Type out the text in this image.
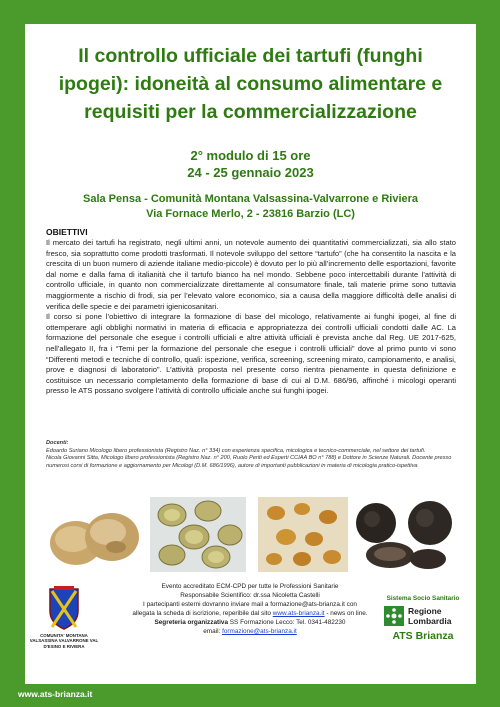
Il controllo ufficiale dei tartufi (funghi
ipogei): idoneità al consumo alimentare e
requisiti per la commercializzazione
2° modulo di 15 ore
24 - 25 gennaio 2023
Sala Pensa - Comunità Montana Valsassina-Valvarrone e Riviera
Via Fornace Merlo, 2 - 23816 Barzio (LC)
OBIETTIVI

Il mercato dei tartufi ha registrato, negli ultimi anni, un notevole aumento dei quantitativi commercializzati, sia allo stato fresco, sia soprattutto come prodotti trasformati. Il notevole sviluppo del settore “tartufo” (che ha consentito la nascita e la crescita di un buon numero di aziende italiane medio-piccole) è dovuto per lo più all’incremento delle esportazioni, favorite dal nome e dalla fama di italianità che il tartufo bianco ha nel mondo. Sebbene poco intercettabili durante l’attività di controllo ufficiale, in quanto non commercializzate direttamente al consumatore finale, tali materie prime sono tuttavia maggiormente a rischio di frodi, sia per l’elevato valore economico, sia a causa della maggiore difficoltà delle analisi di verifica delle specie e dei parametri igienicosanitari.

Il corso si pone l’obiettivo di integrare la formazione di base del micologo, relativamente ai funghi ipogei, al fine di ottemperare agli obblighi normativi in materia di efficacia e appropriatezza dei controlli ufficiali condotti dalle AC. La formazione del personale che esegue i controlli ufficiali e altre attività ufficiali è prevista anche dal Reg. UE 2017-625, nell’allegato II, fra i “Temi per la formazione del personale che esegue i controlli ufficiali” dove al primo punto vi sono “Differenti metodi e tecniche di controllo, quali: ispezione, verifica, screening, screening mirato, campionamento, e analisi, prove e diagnosi di laboratorio”. L’attività proposta nel presente corso rientra pienamente in questa definizione e costituisce un necessario completamento della formazione di base di cui al D.M. 686/96, affinché i micologi operanti presso le ATS possano svolgere l’attività di controllo ufficiale anche sui funghi ipogei.

Docenti:
Edoardo Suriano Micologo libero professionista (Registro Naz. n° 334) con esperienza specifica, micologica e tecnico-commerciale, nel settore dei tartufi.
Nicola Giovanni Sitta, Micologo libero professionista (Registro Naz. n° 200, Ruolo Periti ed Esperti CCIAA BO n° 788) e Dottore in Scienze Naturali. Docente presso numerosi corsi di formazione e aggiornamento per Micologi (D.M. 686/1996), autore di importanti pubblicazioni in materia di micologia pratico-ispettiva
COMUNITA' MONTANA VALSASSINA VALVARRONE VAL D'ESINO E RIVIERA
Evento accreditato ECM-CPD per tutte le Professioni Sanitarie
Responsabile Scientifico: dr.ssa Nicoletta Castelli
I partecipanti esterni dovranno inviare mail a formazione@ats-brianza.it con
allegata la scheda di iscrizione, reperibile dal sito www.ats-brianza.it - news on line.
Segreteria organizzativa SS Formazione Lecco: Tel. 0341-482230
email: formazione@ats-brianza.it
Sistema Socio Sanitario
Regione
Lombardia
ATS Brianza
www.ats-brianza.it
